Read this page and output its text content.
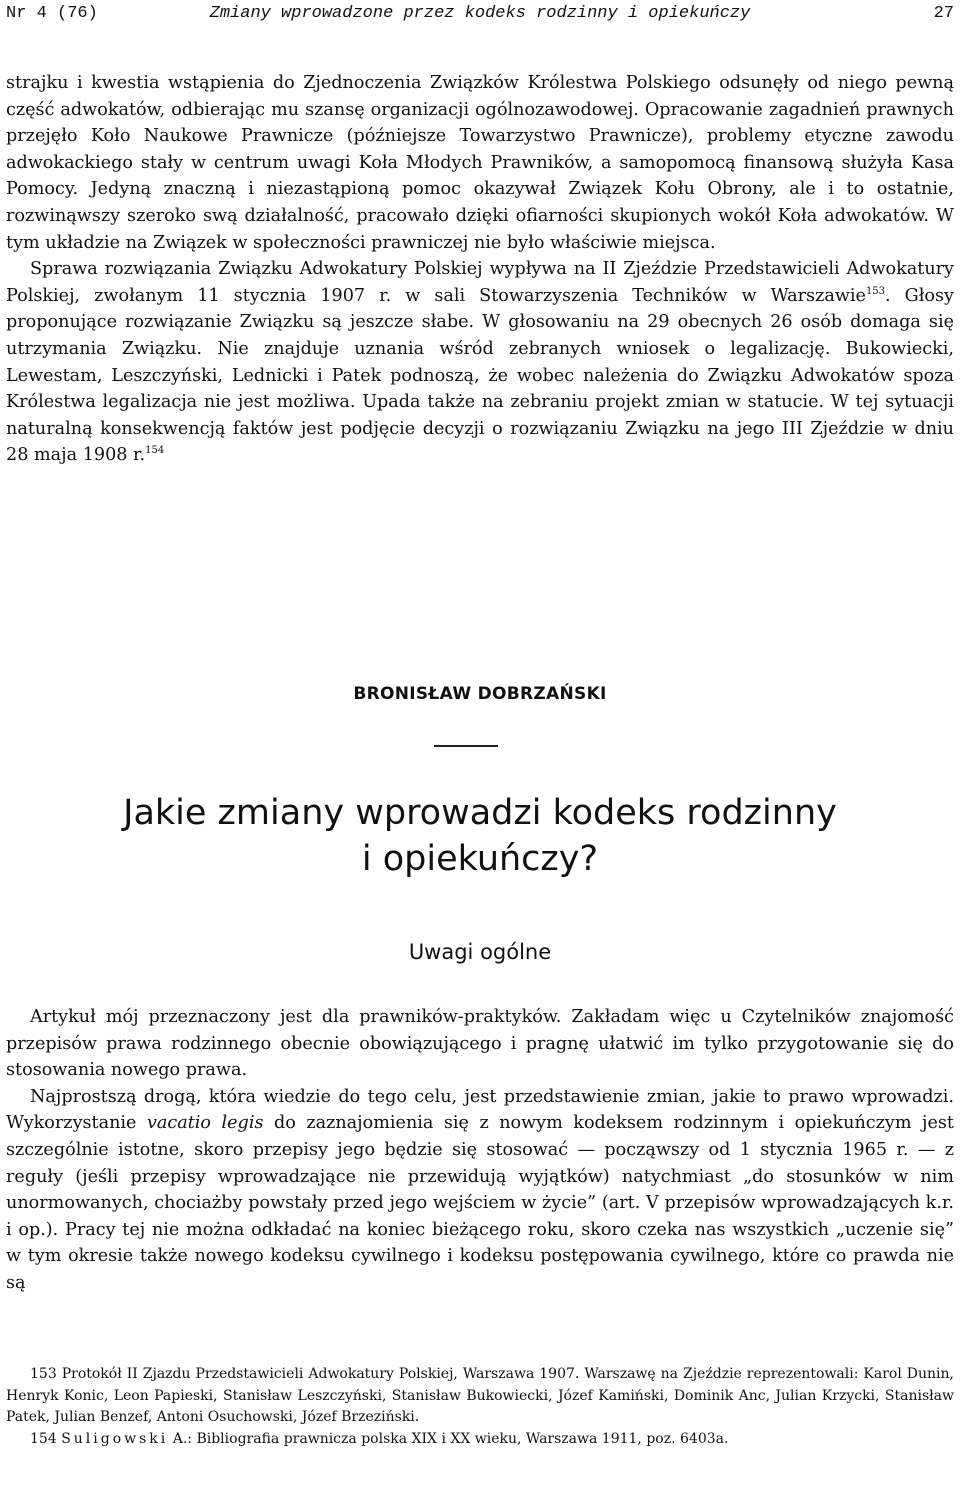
Nr 4 (76)	Zmiany wprowadzone przez kodeks rodzinny i opiekuńczy	27

strajku i kwestia wstąpienia do Zjednoczenia Związków Królestwa Polskiego odsunęły od niego pewną część adwokatów, odbierając mu szansę organizacji ogólnozawodowej. Opracowanie zagadnień prawnych przejęło Koło Naukowe Prawnicze (późniejsze Towarzystwo Prawnicze), problemy etyczne zawodu adwokackiego stały w centrum uwagi Koła Młodych Prawników, a samopomocą finansową służyła Kasa Pomocy. Jedyną znaczną i niezastąpioną pomoc okazywał Związek Kołu Obrony, ale i to ostatnie, rozwinąwszy szeroko swą działalność, pracowało dzięki ofiarności skupionych wokół Koła adwokatów. W tym układzie na Związek w społeczności prawniczej nie było właściwie miejsca.

Sprawa rozwiązania Związku Adwokatury Polskiej wypływa na II Zjeździe Przedstawicieli Adwokatury Polskiej, zwołanym 11 stycznia 1907 r. w sali Stowarzyszenia Techników w Warszawie$^{153}$. Głosy proponujące rozwiązanie Związku są jeszcze słabe. W głosowaniu na 29 obecnych 26 osób domaga się utrzymania Związku. Nie znajduje uznania wśród zebranych wniosek o legalizację. Bukowiecki, Lewestam, Leszczyński, Lednicki i Patek podnoszą, że wobec należenia do Związku Adwokatów spoza Królestwa legalizacja nie jest możliwa. Upada także na zebraniu projekt zmian w statucie. W tej sytuacji naturalną konsekwencją faktów jest podjęcie decyzji o rozwiązaniu Związku na jego III Zjeździe w dniu 28 maja 1908 r.$^{154}$

BRONISŁAW DOBRZAŃSKI
Jakie zmiany wprowadzi kodeks rodzinny
i opiekuńczy?
Uwagi ogólne

Artykuł mój przeznaczony jest dla prawników-praktyków. Zakładam więc u Czytelników znajomość przepisów prawa rodzinnego obecnie obowiązującego i pragnę ułatwić im tylko przygotowanie się do stosowania nowego prawa.

Najprostszą drogą, która wiedzie do tego celu, jest przedstawienie zmian, jakie to prawo wprowadzi. Wykorzystanie vacatio legis do zaznajomienia się z nowym kodeksem rodzinnym i opiekuńczym jest szczególnie istotne, skoro przepisy jego będzie się stosować — począwszy od 1 stycznia 1965 r. — z reguły (jeśli przepisy wprowadzające nie przewidują wyjątków) natychmiast „do stosunków w nim unormowanych, chociażby powstały przed jego wejściem w życie” (art. V przepisów wprowadzających k.r. i op.). Pracy tej nie można odkładać na koniec bieżącego roku, skoro czeka nas wszystkich „uczenie się” w tym okresie także nowego kodeksu cywilnego i kodeksu postępowania cywilnego, które co prawda nie są

153 Protokół II Zjazdu Przedstawicieli Adwokatury Polskiej, Warszawa 1907. Warszawę na Zjeździe reprezentowali: Karol Dunin, Henryk Konic, Leon Papieski, Stanisław Leszczyński, Stanisław Bukowiecki, Józef Kamiński, Dominik Anc, Julian Krzycki, Stanisław Patek, Julian Benzef, Antoni Osuchowski, Józef Brzeziński.

154 Suligowski A.: Bibliografia prawnicza polska XIX i XX wieku, Warszawa 1911, poz. 6403a.
